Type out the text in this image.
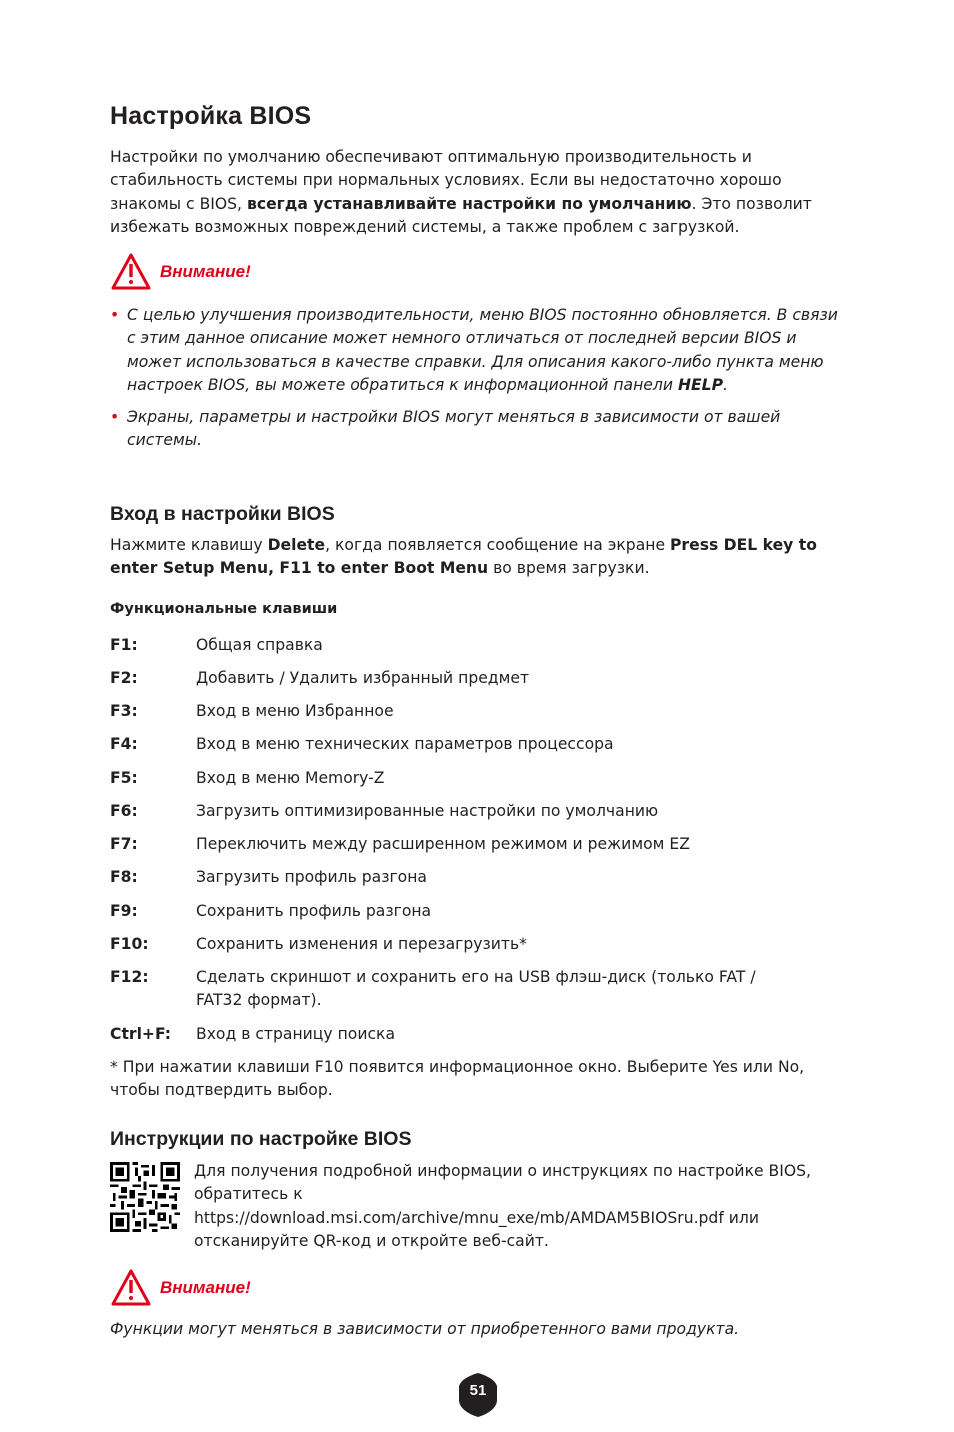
Настройка BIOS

Настройки по умолчанию обеспечивают оптимальную производительность и стабильность системы при нормальных условиях. Если вы недостаточно хорошо знакомы с BIOS, всегда устанавливайте настройки по умолчанию. Это позволит избежать возможных повреждений системы, а также проблем с загрузкой.

Внимание!
• С целью улучшения производительности, меню BIOS постоянно обновляется. В связи с этим данное описание может немного отличаться от последней версии BIOS и может использоваться в качестве справки. Для описания какого-либо пункта меню настроек BIOS, вы можете обратиться к информационной панели HELP.
• Экраны, параметры и настройки BIOS могут меняться в зависимости от вашей системы.
Вход в настройки BIOS

Нажмите клавишу Delete, когда появляется сообщение на экране Press DEL key to enter Setup Menu, F11 to enter Boot Menu во время загрузки.

Функциональные клавиши

F1:	Общая справка
F2:	Добавить / Удалить избранный предмет
F3:	Вход в меню Избранное
F4:	Вход в меню технических параметров процессора
F5:	Вход в меню Memory-Z
F6:	Загрузить оптимизированные настройки по умолчанию
F7:	Переключить между расширенном режимом и режимом EZ
F8:	Загрузить профиль разгона
F9:	Сохранить профиль разгона
F10:	Сохранить изменения и перезагрузить*
F12:	Сделать скриншот и сохранить его на USB флэш-диск (только FAT / FAT32 формат).
Ctrl+F:	Вход в страницу поиска

* При нажатии клавиши F10 появится информационное окно. Выберите Yes или No, чтобы подтвердить выбор.

Инструкции по настройке BIOS

Для получения подробной информации о инструкциях по настройке BIOS, обратитесь к
https://download.msi.com/archive/mnu_exe/mb/AMDAM5BIOSru.pdf или отсканируйте QR-код и откройте веб-сайт.

Внимание!

Функции могут меняться в зависимости от приобретенного вами продукта.

51
